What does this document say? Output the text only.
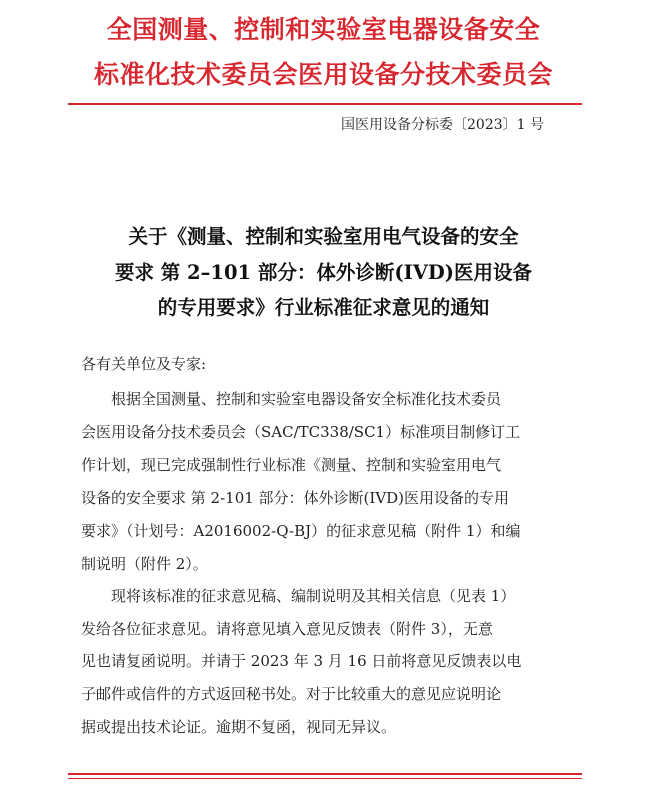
全国测量、控制和实验室电器设备安全
标准化技术委员会医用设备分技术委员会
国医用设备分标委〔2023〕1 号
关于《测量、控制和实验室用电气设备的安全
要求 第 2–101 部分：体外诊断(IVD)医用设备
的专用要求》行业标准征求意见的通知
各有关单位及专家:
根据全国测量、控制和实验室电器设备安全标准化技术委员
会医用设备分技术委员会（SAC/TC338/SC1）标准项目制修订工
作计划，现已完成强制性行业标准《测量、控制和实验室用电气
设备的安全要求 第 2-101 部分：体外诊断(IVD)医用设备的专用
要求》（计划号：A2016002-Q-BJ）的征求意见稿（附件 1）和编
制说明（附件 2）。
现将该标准的征求意见稿、编制说明及其相关信息（见表 1）
发给各位征求意见。请将意见填入意见反馈表（附件 3），无意
见也请复函说明。并请于 2023 年 3 月 16 日前将意见反馈表以电
子邮件或信件的方式返回秘书处。对于比较重大的意见应说明论
据或提出技术论证。逾期不复函，视同无异议。
